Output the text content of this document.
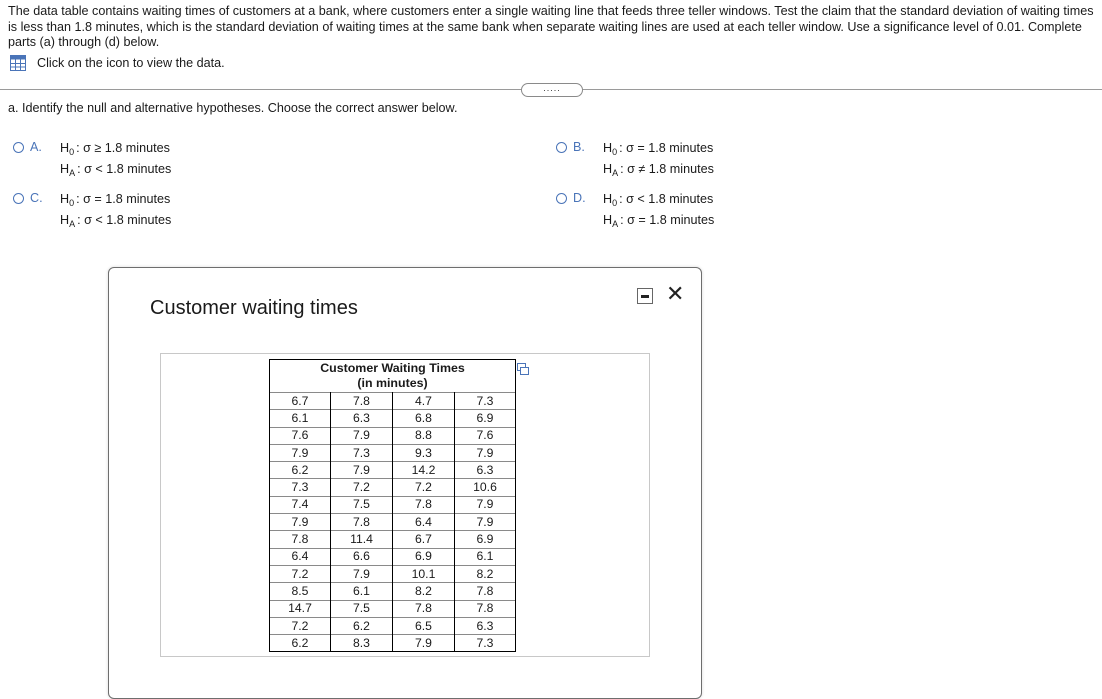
The data table contains waiting times of customers at a bank, where customers enter a single waiting line that feeds three teller windows. Test the claim that the standard deviation of waiting times is less than 1.8 minutes, which is the standard deviation of waiting times at the same bank when separate waiting lines are used at each teller window. Use a significance level of 0.01. Complete parts (a) through (d) below.
Click on the icon to view the data.
.....
a. Identify the null and alternative hypotheses. Choose the correct answer below.
A.	$H_0$ : σ ≥ 1.8 minutes
$H_A$ : σ < 1.8 minutes
B.	$H_0$ : σ = 1.8 minutes
$H_A$ : σ ≠ 1.8 minutes
C.	$H_0$ : σ = 1.8 minutes
$H_A$ : σ < 1.8 minutes
D.	$H_0$ : σ < 1.8 minutes
$H_A$ : σ = 1.8 minutes
Customer waiting times
✕
Customer Waiting Times
(in minutes)			

6.7	7.8	4.7	7.3
6.1	6.3	6.8	6.9
7.6	7.9	8.8	7.6
7.9	7.3	9.3	7.9
6.2	7.9	14.2	6.3
7.3	7.2	7.2	10.6
7.4	7.5	7.8	7.9
7.9	7.8	6.4	7.9
7.8	11.4	6.7	6.9
6.4	6.6	6.9	6.1
7.2	7.9	10.1	8.2
8.5	6.1	8.2	7.8
14.7	7.5	7.8	7.8
7.2	6.2	6.5	6.3
6.2	8.3	7.9	7.3
